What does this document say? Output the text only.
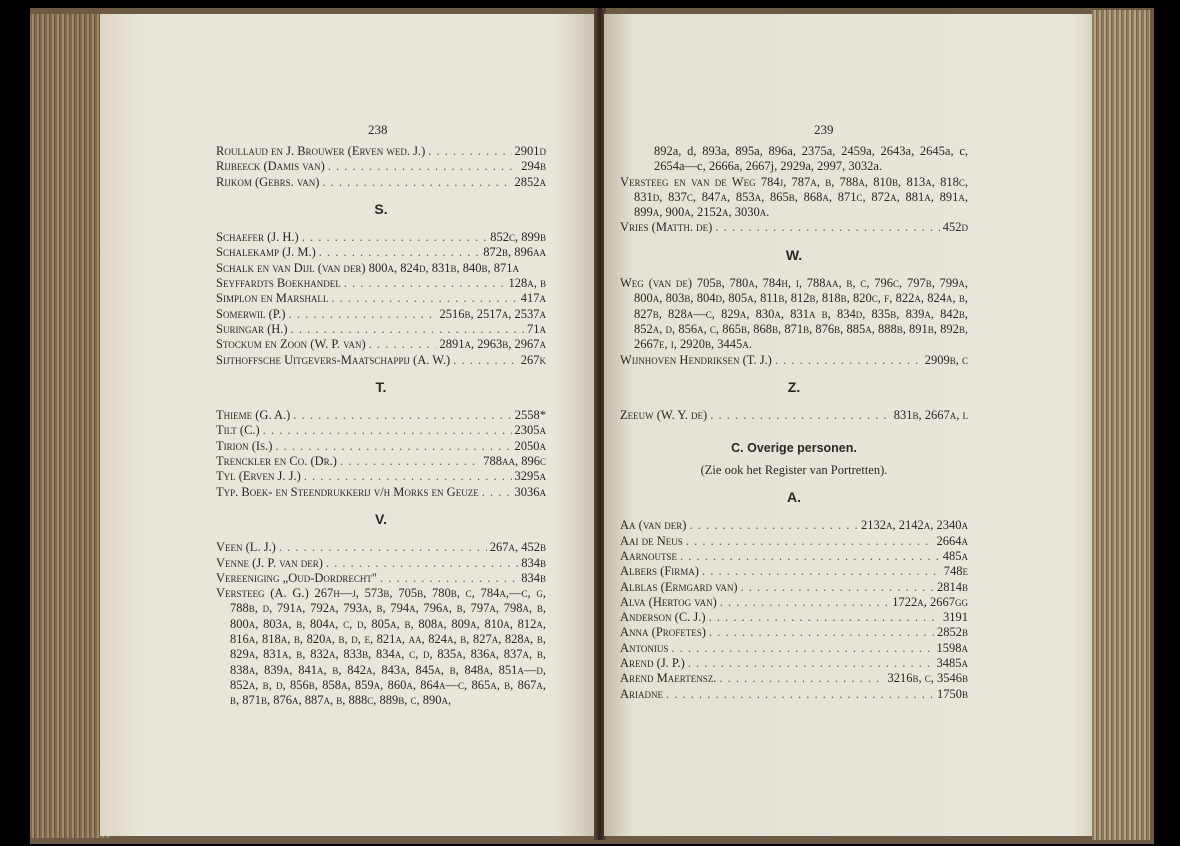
238
Roullaud en J. Brouwer (Erven wed. J.) . . .	2901d
Rijbeeck (Damis van) . . .	294b
Rijkom (Gebrs. van) . . .	2852a
S.
Schaefer (J. H.) . . .	852c, 899b
Schalekamp (J. M.) . . .	872b, 896aa
Schalk en van Dijl (van der) 800a, 824d, 831b, 840b, 871a
Seyffardts Boekhandel . . .	128a, b
Simplon en Marshall . . .	417a
Somerwil (P.) . . .	2516b, 2517a, 2537a
Suringar (H.) . . .	71a
Stockum en Zoon (W. P. van) . . .	2891a, 2963b, 2967a
Sijthoffsche Uitgevers-Maatschappij (A. W.) . . .	267k
T.
Thieme (G. A.) . . .	2558*
Tilt (C.) . . .	2305a
Tirion (Is.) . . .	2050a
Trenckler en Co. (Dr.) . . .	788aa, 896c
Tyl (Erven J. J.) . . .	3295a
Typ. Boek- en Steendrukkerij v/h Morks en Geuze . . .	3036a
V.
Veen (L. J.) . . .	267a, 452b
Venne (J. P. van der) . . .	834b
Vereeniging „Oud-Dordrecht" . . .	834b
Versteeg (A. G.) 267h—j, 573b, 705b, 780b, c, 784a,—c, g, 788b, d, 791a, 792a, 793a, b, 794a, 796a, b, 797a, 798a, b, 800a, 803a, b, 804a, c, d, 805a, b, 808a, 809a, 810a, 812a, 816a, 818a, b, 820a, b, d, e, 821a, aa, 824a, b, 827a, 828a, b, 829a, 831a, b, 832a, 833b, 834a, c, d, 835a, 836a, 837a, b, 838a, 839a, 841a, b, 842a, 843a, 845a, b, 848a, 851a—d, 852a, b, d, 856b, 858a, 859a, 860a, 864a—c, 865a, b, 867a, b, 871b, 876a, 887a, b, 888c, 889b, c, 890a,
239
892a, d, 893a, 895a, 896a, 2375a, 2459a, 2643a, 2645a, c, 2654a—c, 2666a, 2667j, 2929a, 2997, 3032a.
Versteeg en van de Weg 784j, 787a, b, 788a, 810b, 813a, 818c, 831d, 837c, 847a, 853a, 865b, 868a, 871c, 872a, 881a, 891a, 899a, 900a, 2152a, 3030a.
Vries (Matth. de) . . .	452d
W.
Weg (van de) 705b, 780a, 784h, i, 788aa, b, c, 796c, 797b, 799a, 800a, 803b, 804d, 805a, 811b, 812b, 818b, 820c, f, 822a, 824a, b, 827b, 828a—c, 829a, 830a, 831a b, 834d, 835b, 839a, 842b, 852a, d, 856a, c, 865b, 868b, 871b, 876b, 885a, 888b, 891b, 892b, 2667e, i, 2920b, 3445a.
Wijnhoven Hendriksen (T. J.) . . .	2909b, c
Z.
Zeeuw (W. Y. de) . . .	831b, 2667a, l
C. Overige personen.
(Zie ook het Register van Portretten).
A.
Aa (van der) . . .	2132a, 2142a, 2340a
Aai de Neus . . .	2664a
Aarnoutse . . .	485a
Albers (Firma) . . .	748e
Alblas (Ermgard van) . . .	2814b
Alva (Hertog van) . . .	1722a, 2667gg
Anderson (C. J.) . . .	3191
Anna (Profetes) . . .	2852b
Antonius . . .	1598a
Arend (J. P.) . . .	3485a
Arend Maertensz. . . .	3216b, c, 3546b
Ariadne . . .	1750b
